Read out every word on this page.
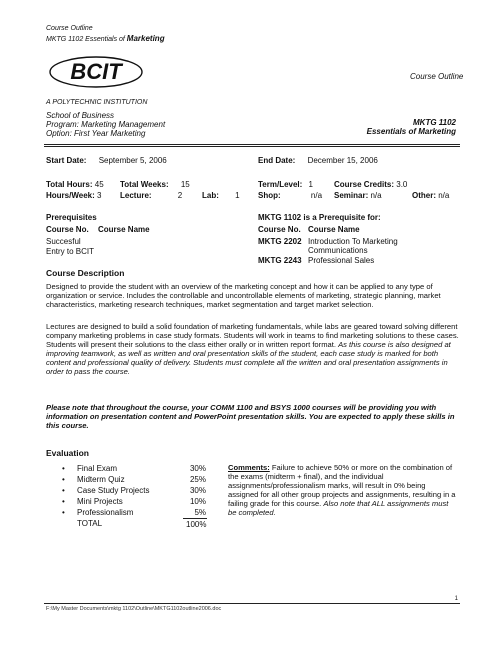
Course Outline
MKTG 1102 Essentials of Marketing
BCIT
A POLYTECHNIC INSTITUTION
Course Outline
School of Business
Program: Marketing Management
Option: First Year Marketing
MKTG 1102
Essentials of Marketing
Start Date: September 5, 2006	End Date: December 15, 2006
Total Hours: 45 Total Weeks: 15	Term/Level: 1	Course Credits: 3.0
Hours/Week: 3 Lecture:	2 Lab: 1 Shop:	n/a Seminar: n/a	Other: n/a
Prerequisites
Course No. Course Name
Succesful
Entry to BCIT
MKTG 1102 is a Prerequisite for:
Course No. Course Name
MKTG 2202 Introduction To Marketing
Communications
MKTG 2243 Professional Sales
Course Description
Designed to provide the student with an overview of the marketing concept and how it can be applied to any type of organization or service. Includes the controllable and uncontrollable elements of marketing, strategic planning, market characteristics, marketing research techniques, market segmentation and target market selection.
Lectures are designed to build a solid foundation of marketing fundamentals, while labs are geared toward solving different company marketing problems in case study formats. Students will work in teams to find marketing solutions to these cases. Students will present their solutions to the class either orally or in written report format. As this course is also designed at improving teamwork, as well as written and oral presentation skills of the student, each case study is marked for both content and professional quality of delivery. Students must complete all the written and oral presentation assignments in order to pass the course.
Please note that throughout the course, your COMM 1100 and BSYS 1000 courses will be providing you with information on presentation content and PowerPoint presentation skills. You are expected to apply these skills in this course.
Evaluation
• Final Exam	30%
• Midterm Quiz	25%
• Case Study Projects	30%
• Mini Projects	10%
• Professionalism	5%
TOTAL	100%
Comments: Failure to achieve 50% or more on the combination of the exams (midterm + final), and the individual assignments/professionalism marks, will result in 0% being assigned for all other group projects and assignments, resulting in a failing grade for this course. Also note that ALL assignments must be completed.
1
F:\My Master Documents\mktg 1102\Outline\MKTG1102outline2006.doc
